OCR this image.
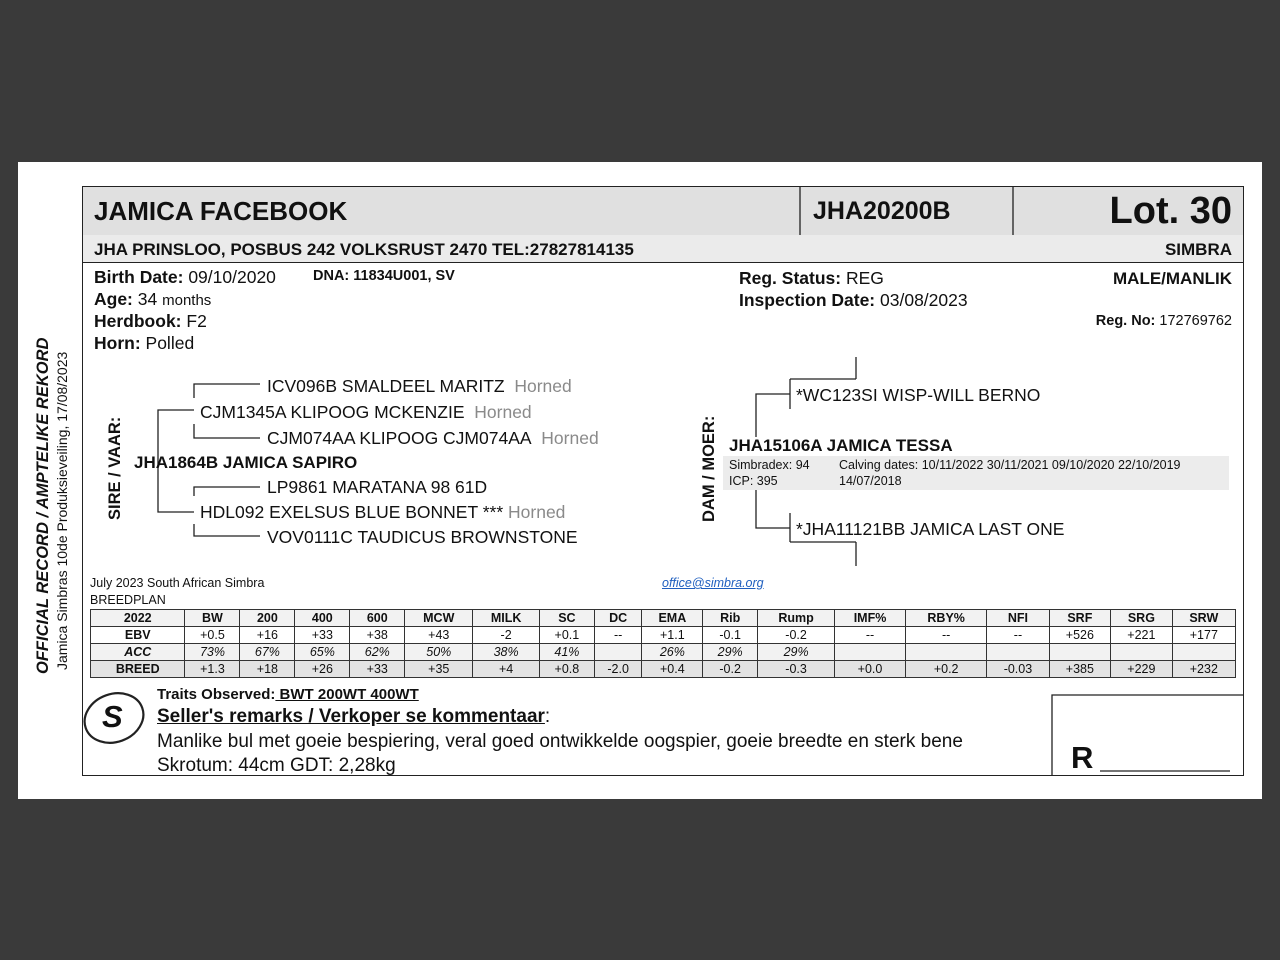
OFFICIAL RECORD / AMPTELIKE REKORD Jamica Simbras 10de Produksieveiling, 17/08/2023
S
JAMICA FACEBOOK	JHA20200B	Lot. 30
JHA PRINSLOO, POSBUS 242 VOLKSRUST 2470 TEL:27827814135	SIMBRA
Birth Date: 09/10/2020	DNA: 11834U001, SV
Age: 34 months
Herdbook: F2
Horn: Polled
Reg. Status: REG
Inspection Date: 03/08/2023
MALE/MANLIK
Reg. No: 172769762
SIRE / VAAR: JHA1864B JAMICA SAPIRO
CJM1345A KLIPOOG MCKENZIE Horned
ICV096B SMALDEEL MARITZ Horned
CJM074AA KLIPOOG CJM074AA Horned
HDL092 EXELSUS BLUE BONNET *** Horned
LP9861 MARATANA 98 61D
VOV0111C TAUDICUS BROWNSTONE
DAM / MOER:
*WC123SI WISP-WILL BERNO
JHA15106A JAMICA TESSA
Simbradex: 94
ICP: 395
Calving dates: 10/11/2022 30/11/2021 09/10/2020 22/10/2019
14/07/2018
*JHA11121BB JAMICA LAST ONE
July 2023 South African Simbra
BREEDPLAN
office@simbra.org
2022	BW	200	400	600	MCW	MILK	SC	DC	EMA	Rib	Rump	IMF%	RBY%	NFI	SRF	SRG	SRW
EBV	+0.5	+16	+33	+38	+43	-2	+0.1	--	+1.1	-0.1	-0.2	--	--	--	+526	+221	+177
ACC	73%	67%	65%	62%	50%	38%	41%		26%	29%	29%						
BREED	+1.3	+18	+26	+33	+35	+4	+0.8	-2.0	+0.4	-0.2	-0.3	+0.0	+0.2	-0.03	+385	+229	+232
Traits Observed: BWT 200WT 400WT
Seller's remarks / Verkoper se kommentaar:
Manlike bul met goeie bespiering, veral goed ontwikkelde oogspier, goeie breedte en sterk bene
Skrotum: 44cm GDT: 2,28kg	R
